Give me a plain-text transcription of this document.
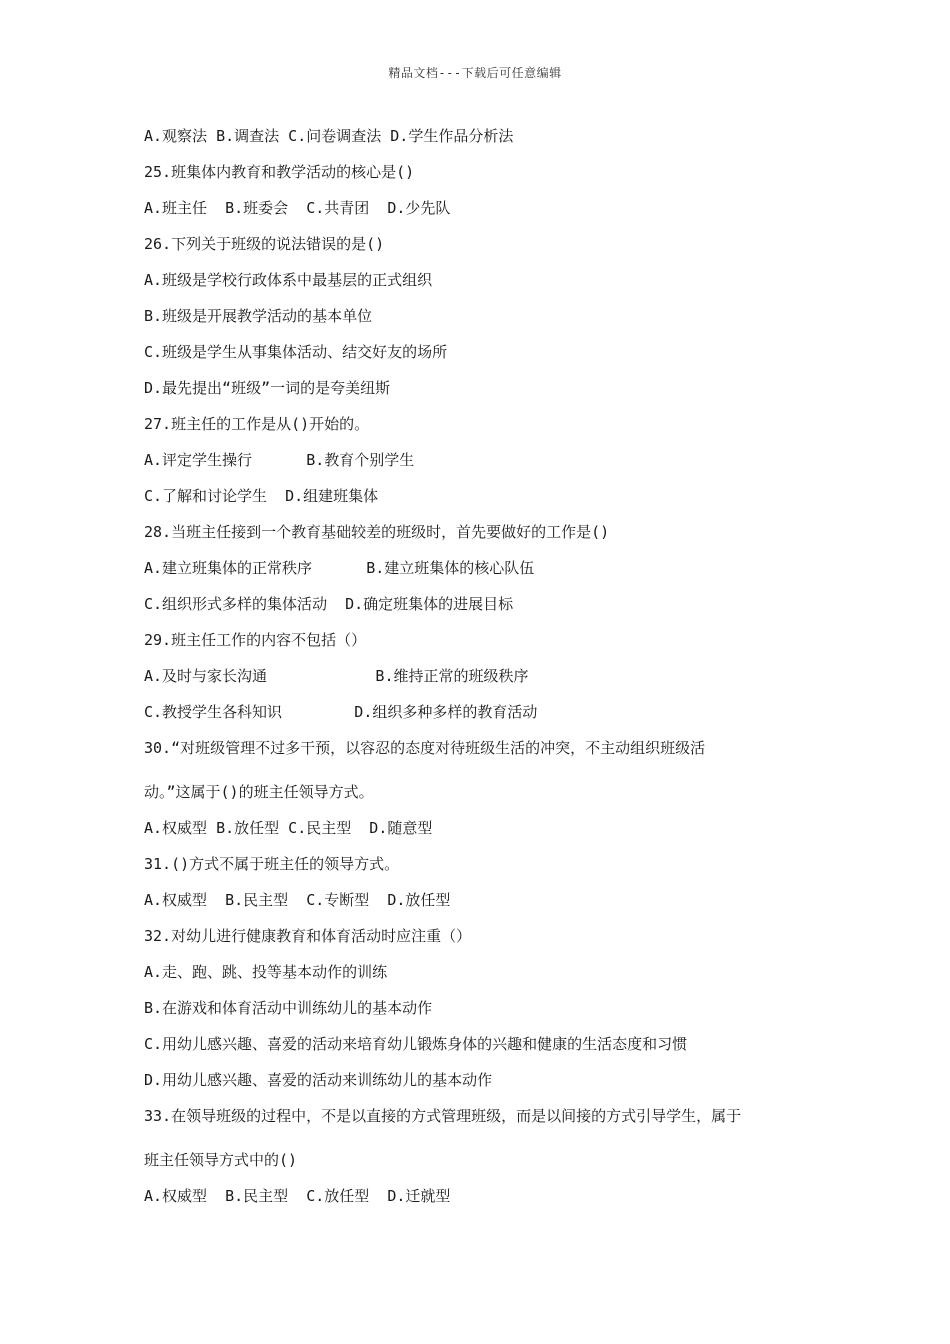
精品文档---下载后可任意编辑
A.观察法 B.调查法 C.问卷调查法 D.学生作品分析法
25.班集体内教育和教学活动的核心是()
A.班主任  B.班委会  C.共青团  D.少先队
26.下列关于班级的说法错误的是()
A.班级是学校行政体系中最基层的正式组织
B.班级是开展教学活动的基本单位
C.班级是学生从事集体活动、结交好友的场所
D.最先提出“班级”一词的是夸美纽斯
27.班主任的工作是从()开始的。
A.评定学生操行      B.教育个别学生
C.了解和讨论学生  D.组建班集体
28.当班主任接到一个教育基础较差的班级时，首先要做好的工作是()
A.建立班集体的正常秩序      B.建立班集体的核心队伍
C.组织形式多样的集体活动  D.确定班集体的进展目标
29.班主任工作的内容不包括（）
A.及时与家长沟通            B.维持正常的班级秩序
C.教授学生各科知识        D.组织多种多样的教育活动
30.“对班级管理不过多干预，以容忍的态度对待班级生活的冲突，不主动组织班级活
动。”这属于()的班主任领导方式。
A.权威型 B.放任型 C.民主型  D.随意型
31.()方式不属于班主任的领导方式。
A.权威型  B.民主型  C.专断型  D.放任型
32.对幼儿进行健康教育和体育活动时应注重（）
A.走、跑、跳、投等基本动作的训练
B.在游戏和体育活动中训练幼儿的基本动作
C.用幼儿感兴趣、喜爱的活动来培育幼儿锻炼身体的兴趣和健康的生活态度和习惯
D.用幼儿感兴趣、喜爱的活动来训练幼儿的基本动作
33.在领导班级的过程中，不是以直接的方式管理班级，而是以间接的方式引导学生，属于
班主任领导方式中的()
A.权威型  B.民主型  C.放任型  D.迁就型
